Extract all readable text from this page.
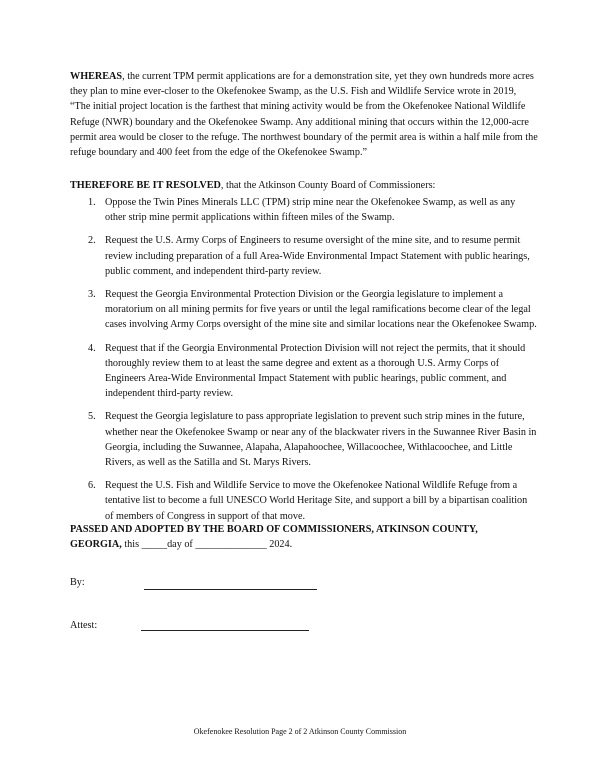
WHEREAS, the current TPM permit applications are for a demonstration site, yet they own hundreds more acres they plan to mine ever-closer to the Okefenokee Swamp, as the U.S. Fish and Wildlife Service wrote in 2019, “The initial project location is the farthest that mining activity would be from the Okefenokee National Wildlife Refuge (NWR) boundary and the Okefenokee Swamp. Any additional mining that occurs within the 12,000-acre permit area would be closer to the refuge. The northwest boundary of the permit area is within a half mile from the refuge boundary and 400 feet from the edge of the Okefenokee Swamp.”

THEREFORE BE IT RESOLVED, that the Atkinson County Board of Commissioners:

1. Oppose the Twin Pines Minerals LLC (TPM) strip mine near the Okefenokee Swamp, as well as any other strip mine permit applications within fifteen miles of the Swamp.
2. Request the U.S. Army Corps of Engineers to resume oversight of the mine site, and to resume permit review including preparation of a full Area-Wide Environmental Impact Statement with public hearings, public comment, and independent third-party review.
3. Request the Georgia Environmental Protection Division or the Georgia legislature to implement a moratorium on all mining permits for five years or until the legal ramifications become clear of the legal cases involving Army Corps oversight of the mine site and similar locations near the Okefenokee Swamp.
4. Request that if the Georgia Environmental Protection Division will not reject the permits, that it should thoroughly review them to at least the same degree and extent as a thorough U.S. Army Corps of Engineers Area-Wide Environmental Impact Statement with public hearings, public comment, and independent third-party review.
5. Request the Georgia legislature to pass appropriate legislation to prevent such strip mines in the future, whether near the Okefenokee Swamp or near any of the blackwater rivers in the Suwannee River Basin in Georgia, including the Suwannee, Alapaha, Alapahoochee, Willacoochee, Withlacoochee, and Little Rivers, as well as the Satilla and St. Marys Rivers.
6. Request the U.S. Fish and Wildlife Service to move the Okefenokee National Wildlife Refuge from a tentative list to become a full UNESCO World Heritage Site, and support a bill by a bipartisan coalition of members of Congress in support of that move.

PASSED AND ADOPTED BY THE BOARD OF COMMISSIONERS, ATKINSON COUNTY,
GEORGIA, this _____day of ______________ 2024.

By:
Attest:
Okefenokee Resolution Page 2 of 2 Atkinson County Commission
